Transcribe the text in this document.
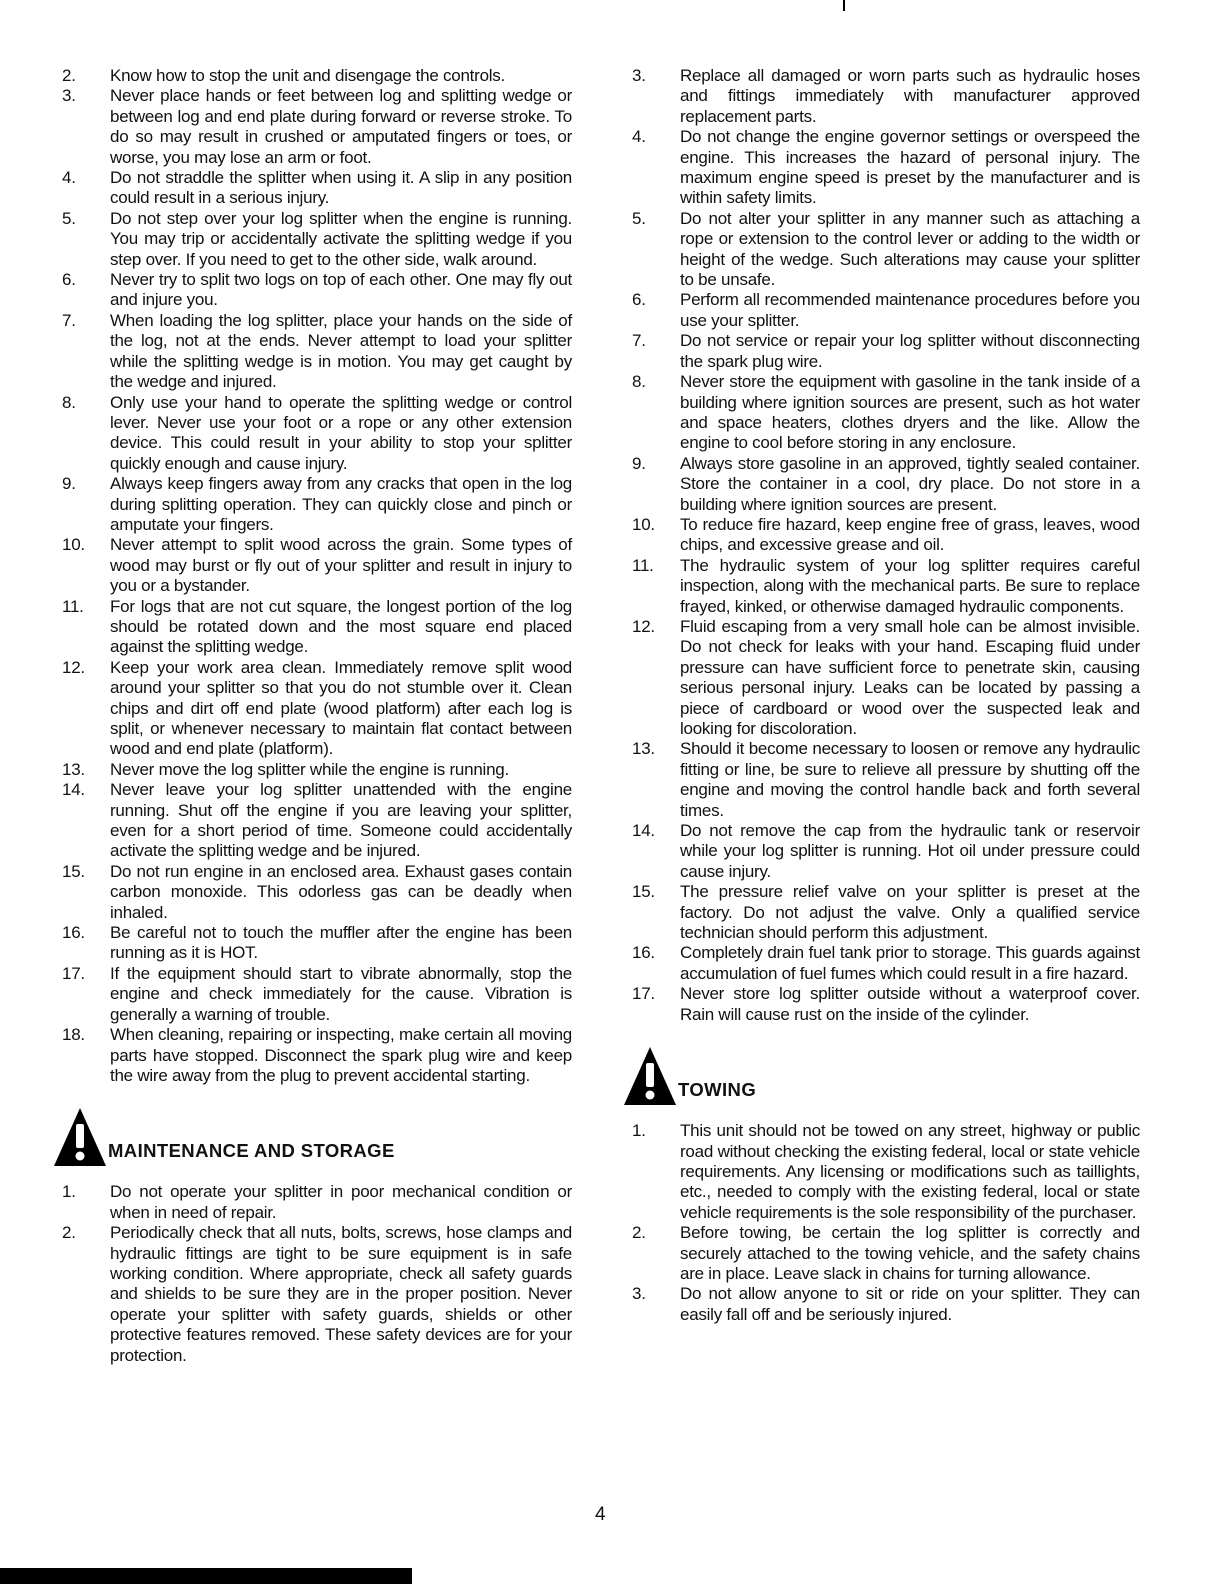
2.	Know how to stop the unit and disengage the controls.
3.	Never place hands or feet between log and splitting wedge or between log and end plate during forward or reverse stroke. To do so may result in crushed or amputated fingers or toes, or worse, you may lose an arm or foot.
4.	Do not straddle the splitter when using it. A slip in any position could result in a serious injury.
5.	Do not step over your log splitter when the engine is running. You may trip or accidentally activate the splitting wedge if you step over. If you need to get to the other side, walk around.
6.	Never try to split two logs on top of each other. One may fly out and injure you.
7.	When loading the log splitter, place your hands on the side of the log, not at the ends. Never attempt to load your splitter while the splitting wedge is in motion. You may get caught by the wedge and injured.
8.	Only use your hand to operate the splitting wedge or control lever. Never use your foot or a rope or any other extension device. This could result in your ability to stop your splitter quickly enough and cause injury.
9.	Always keep fingers away from any cracks that open in the log during splitting operation. They can quickly close and pinch or amputate your fingers.
10.	Never attempt to split wood across the grain. Some types of wood may burst or fly out of your splitter and result in injury to you or a bystander.
11.	For logs that are not cut square, the longest portion of the log should be rotated down and the most square end placed against the splitting wedge.
12.	Keep your work area clean. Immediately remove split wood around your splitter so that you do not stumble over it. Clean chips and dirt off end plate (wood platform) after each log is split, or whenever necessary to maintain flat contact between wood and end plate (platform).
13.	Never move the log splitter while the engine is running.
14.	Never leave your log splitter unattended with the engine running. Shut off the engine if you are leaving your splitter, even for a short period of time. Someone could accidentally activate the splitting wedge and be injured.
15.	Do not run engine in an enclosed area. Exhaust gases contain carbon monoxide. This odorless gas can be deadly when inhaled.
16.	Be careful not to touch the muffler after the engine has been running as it is HOT.
17.	If the equipment should start to vibrate abnormally, stop the engine and check immediately for the cause. Vibration is generally a warning of trouble.
18.	When cleaning, repairing or inspecting, make certain all moving parts have stopped. Disconnect the spark plug wire and keep the wire away from the plug to prevent accidental starting.
MAINTENANCE AND STORAGE
1.	Do not operate your splitter in poor mechanical condition or when in need of repair.
2.	Periodically check that all nuts, bolts, screws, hose clamps and hydraulic fittings are tight to be sure equipment is in safe working condition. Where appropriate, check all safety guards and shields to be sure they are in the proper position. Never operate your splitter with safety guards, shields or other protective features removed. These safety devices are for your protection.
3.	Replace all damaged or worn parts such as hydraulic hoses and fittings immediately with manufacturer approved replacement parts.
4.	Do not change the engine governor settings or overspeed the engine. This increases the hazard of personal injury. The maximum engine speed is preset by the manufacturer and is within safety limits.
5.	Do not alter your splitter in any manner such as attaching a rope or extension to the control lever or adding to the width or height of the wedge. Such alterations may cause your splitter to be unsafe.
6.	Perform all recommended maintenance procedures before you use your splitter.
7.	Do not service or repair your log splitter without disconnecting the spark plug wire.
8.	Never store the equipment with gasoline in the tank inside of a building where ignition sources are present, such as hot water and space heaters, clothes dryers and the like. Allow the engine to cool before storing in any enclosure.
9.	Always store gasoline in an approved, tightly sealed container. Store the container in a cool, dry place. Do not store in a building where ignition sources are present.
10.	To reduce fire hazard, keep engine free of grass, leaves, wood chips, and excessive grease and oil.
11.	The hydraulic system of your log splitter requires careful inspection, along with the mechanical parts. Be sure to replace frayed, kinked, or otherwise damaged hydraulic components.
12.	Fluid escaping from a very small hole can be almost invisible. Do not check for leaks with your hand. Escaping fluid under pressure can have sufficient force to penetrate skin, causing serious personal injury. Leaks can be located by passing a piece of cardboard or wood over the suspected leak and looking for discoloration.
13.	Should it become necessary to loosen or remove any hydraulic fitting or line, be sure to relieve all pressure by shutting off the engine and moving the control handle back and forth several times.
14.	Do not remove the cap from the hydraulic tank or reservoir while your log splitter is running. Hot oil under pressure could cause injury.
15.	The pressure relief valve on your splitter is preset at the factory. Do not adjust the valve. Only a qualified service technician should perform this adjustment.
16.	Completely drain fuel tank prior to storage. This guards against accumulation of fuel fumes which could result in a fire hazard.
17.	Never store log splitter outside without a waterproof cover. Rain will cause rust on the inside of the cylinder.
TOWING
1.	This unit should not be towed on any street, highway or public road without checking the existing federal, local or state vehicle requirements. Any licensing or modifications such as taillights, etc., needed to comply with the existing federal, local or state vehicle requirements is the sole responsibility of the purchaser.
2.	Before towing, be certain the log splitter is correctly and securely attached to the towing vehicle, and the safety chains are in place. Leave slack in chains for turning allowance.
3.	Do not allow anyone to sit or ride on your splitter. They can easily fall off and be seriously injured.
4
